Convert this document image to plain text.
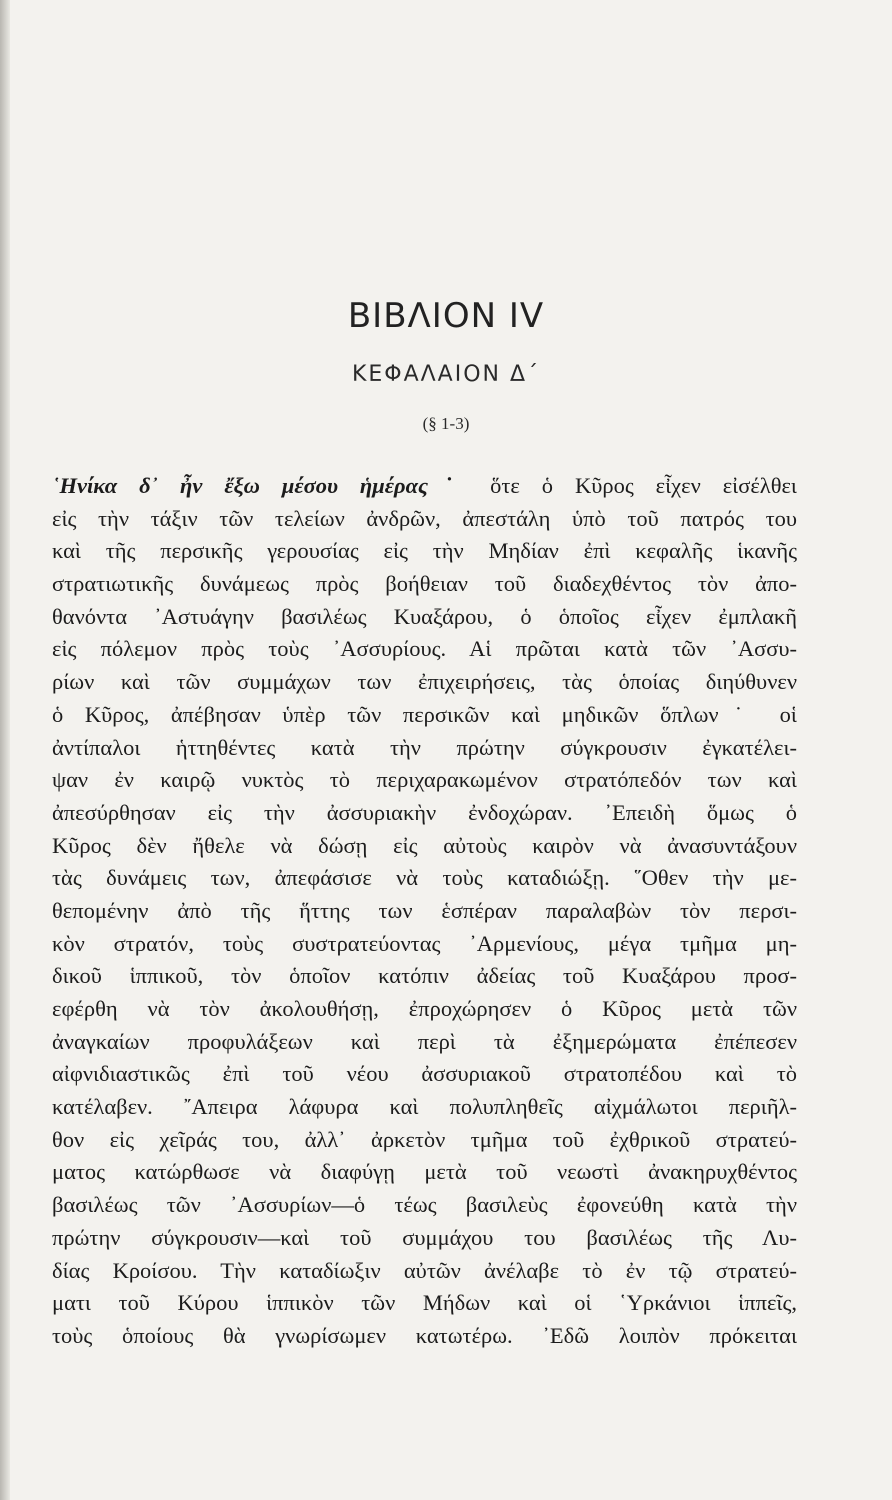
ΒΙΒΛΙΟΝ IV
ΚΕΦΑΛΑΙΟΝ Δ΄
(§ 1-3)
῾Ηνίκα δ᾽ ἦν ἔξω μέσου ἡμέρας˙ ὅτε ὁ Κῦρος εἶχεν εἰσέλθει
εἰς τὴν τάξιν τῶν τελείων ἀνδρῶν, ἀπεστάλη ὑπὸ τοῦ πατρός του
καὶ τῆς περσικῆς γερουσίας εἰς τὴν Μηδίαν ἐπὶ κεφαλῆς ἱκανῆς
στρατιωτικῆς δυνάμεως πρὸς βοήθειαν τοῦ διαδεχθέντος τὸν ἀπο-
θανόντα ᾽Αστυάγην βασιλέως Κυαξάρου, ὁ ὁποῖος εἶχεν ἐμπλακῆ
εἰς πόλεμον πρὸς τοὺς ᾽Ασσυρίους. Αἱ πρῶται κατὰ τῶν ᾽Ασσυ-
ρίων καὶ τῶν συμμάχων των ἐπιχειρήσεις, τὰς ὁποίας διηύθυνεν
ὁ Κῦρος, ἀπέβησαν ὑπὲρ τῶν περσικῶν καὶ μηδικῶν ὅπλων˙ οἱ
ἀντίπαλοι ἡττηθέντες κατὰ τὴν πρώτην σύγκρουσιν ἐγκατέλει-
ψαν ἐν καιρῷ νυκτὸς τὸ περιχαρακωμένον στρατόπεδόν των καὶ
ἀπεσύρθησαν εἰς τὴν ἀσσυριακὴν ἐνδοχώραν. ᾽Επειδὴ ὅμως ὁ
Κῦρος δὲν ἤθελε νὰ δώσῃ εἰς αὐτοὺς καιρὸν νὰ ἀνασυντάξουν
τὰς δυνάμεις των, ἀπεφάσισε νὰ τοὺς καταδιώξῃ. ῞Οθεν τὴν με-
θεπομένην ἀπὸ τῆς ἥττης των ἑσπέραν παραλαβὼν τὸν περσι-
κὸν στρατόν, τοὺς συστρατεύοντας ᾽Αρμενίους, μέγα τμῆμα μη-
δικοῦ ἱππικοῦ, τὸν ὁποῖον κατόπιν ἀδείας τοῦ Κυαξάρου προσ-
εφέρθη νὰ τὸν ἀκολουθήσῃ, ἐπροχώρησεν ὁ Κῦρος μετὰ τῶν
ἀναγκαίων προφυλάξεων καὶ περὶ τὰ ἐξημερώματα ἐπέπεσεν
αἰφνιδιαστικῶς ἐπὶ τοῦ νέου ἀσσυριακοῦ στρατοπέδου καὶ τὸ
κατέλαβεν. ῎Απειρα λάφυρα καὶ πολυπληθεῖς αἰχμάλωτοι περιῆλ-
θον εἰς χεῖράς του, ἀλλ᾽ ἀρκετὸν τμῆμα τοῦ ἐχθρικοῦ στρατεύ-
ματος κατώρθωσε νὰ διαφύγῃ μετὰ τοῦ νεωστὶ ἀνακηρυχθέντος
βασιλέως τῶν ᾽Ασσυρίων—ὁ τέως βασιλεὺς ἐφονεύθη κατὰ τὴν
πρώτην σύγκρουσιν—καὶ τοῦ συμμάχου του βασιλέως τῆς Λυ-
δίας Κροίσου. Τὴν καταδίωξιν αὐτῶν ἀνέλαβε τὸ ἐν τῷ στρατεύ-
ματι τοῦ Κύρου ἱππικὸν τῶν Μήδων καὶ οἱ ῾Υρκάνιοι ἱππεῖς,
τοὺς ὁποίους θὰ γνωρίσωμεν κατωτέρω. ᾽Εδῶ λοιπὸν πρόκειται
